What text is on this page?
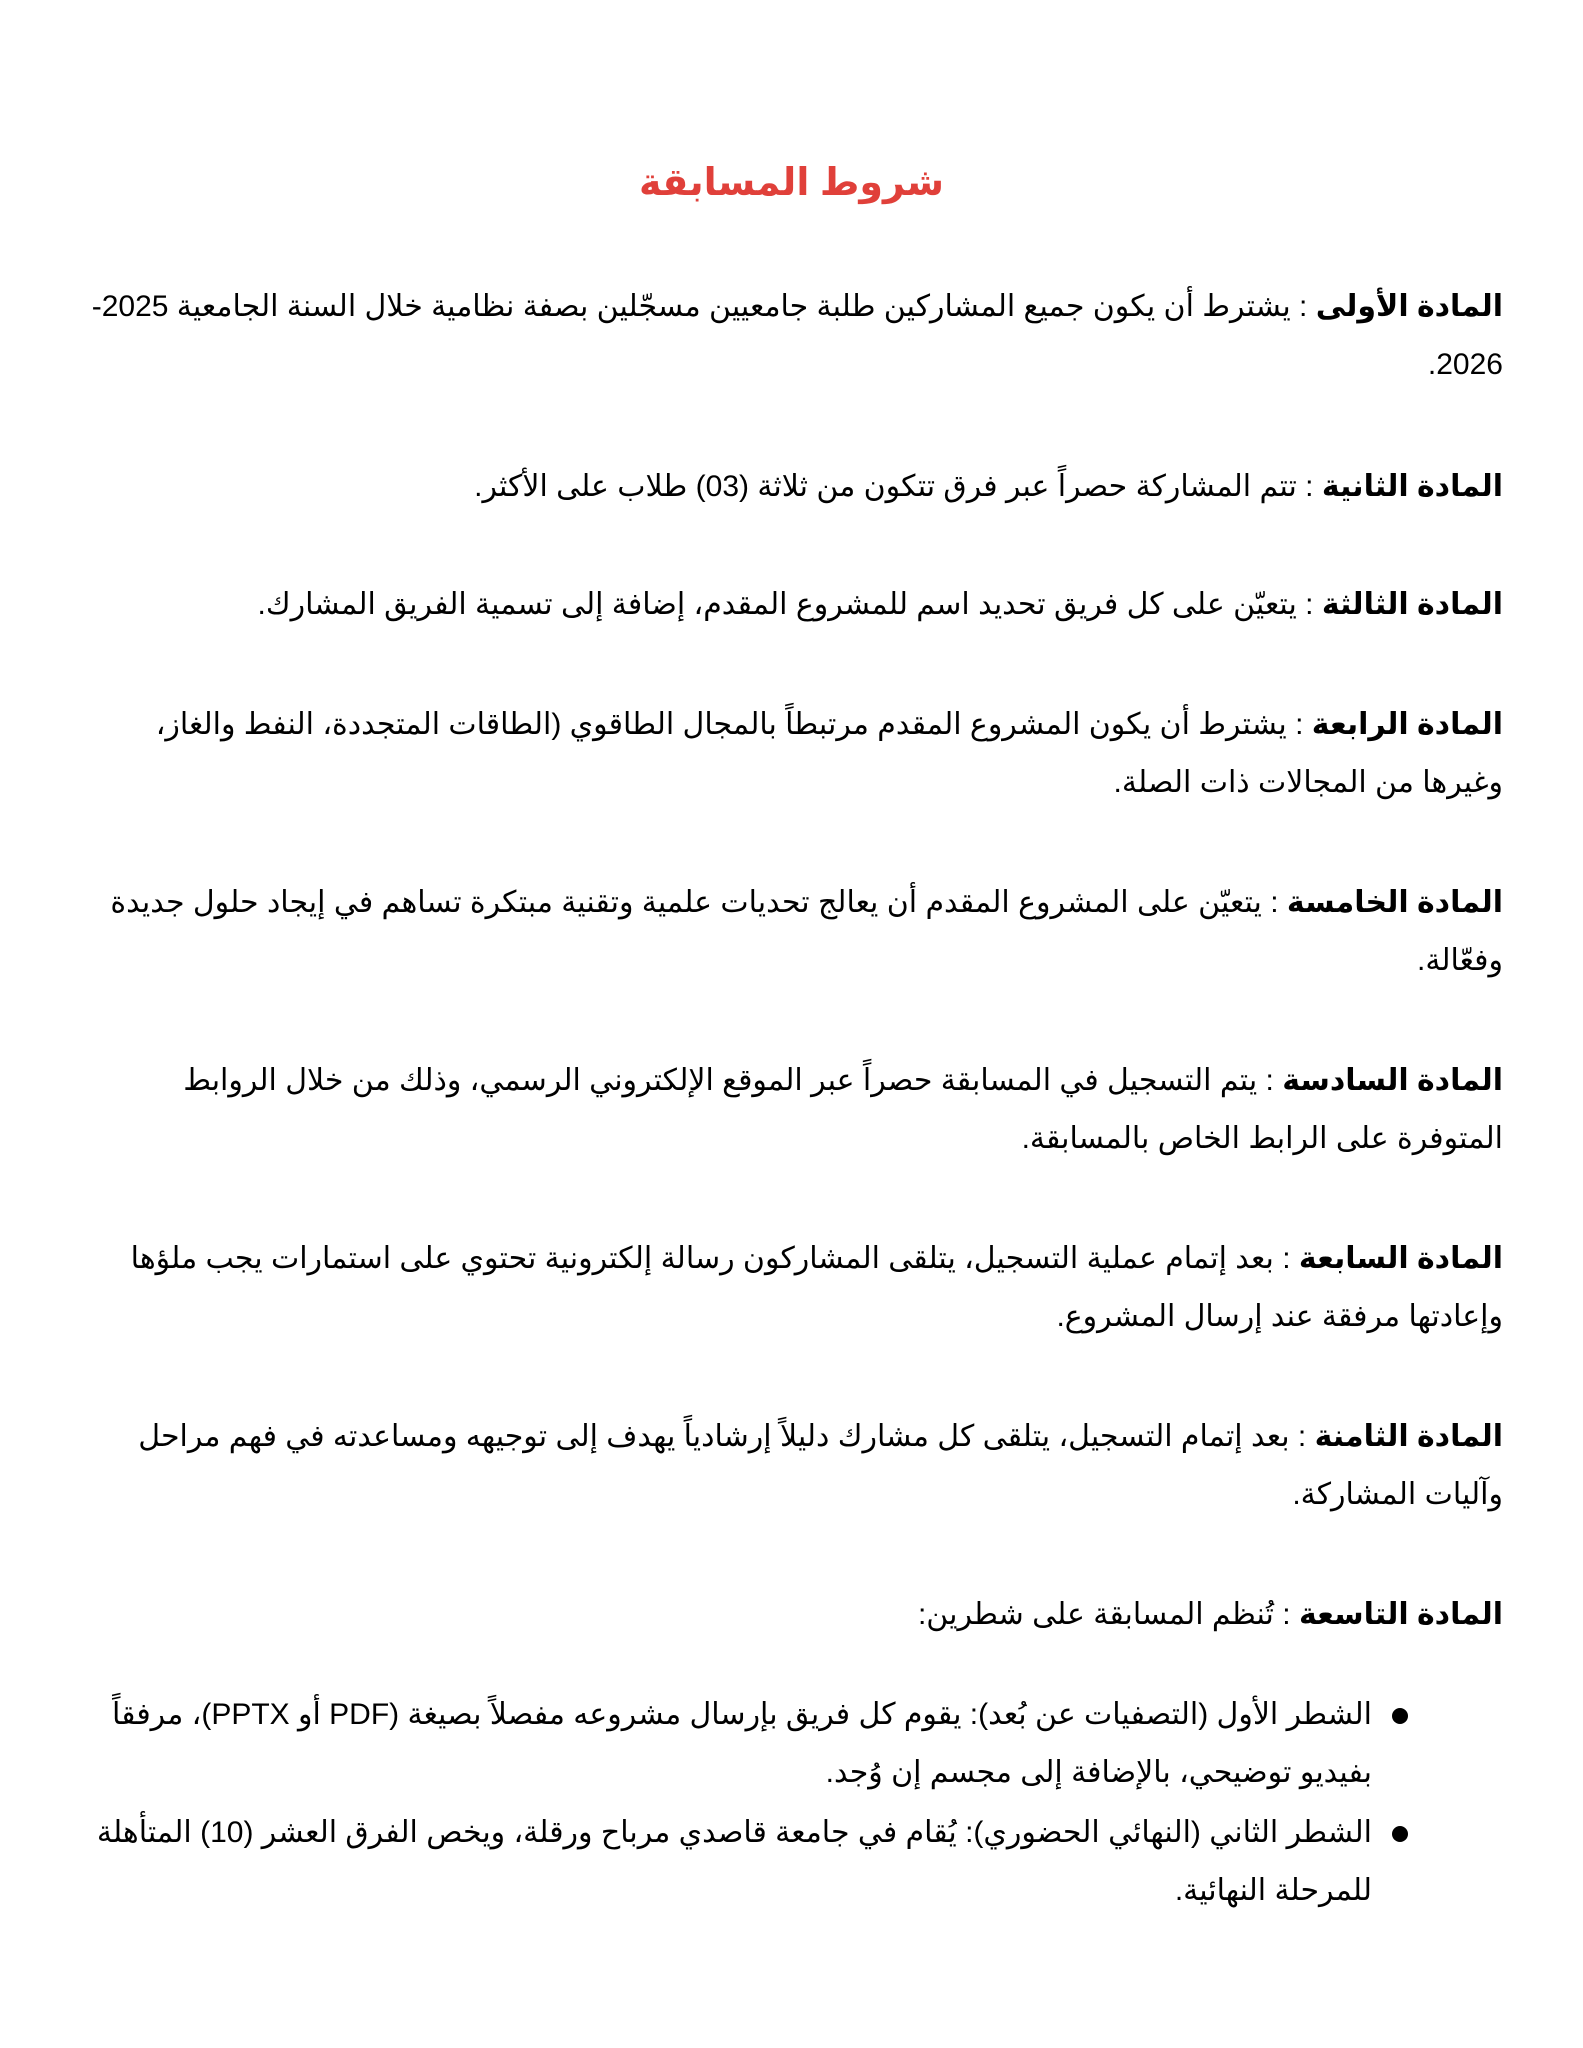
شروط المسابقة

المادة الأولى : يشترط أن يكون جميع المشاركين طلبة جامعيين مسجّلين بصفة نظامية خلال السنة الجامعية 2025-2026.

المادة الثانية : تتم المشاركة حصراً عبر فرق تتكون من ثلاثة (03) طلاب على الأكثر.

المادة الثالثة : يتعيّن على كل فريق تحديد اسم للمشروع المقدم، إضافة إلى تسمية الفريق المشارك.

المادة الرابعة : يشترط أن يكون المشروع المقدم مرتبطاً بالمجال الطاقوي (الطاقات المتجددة، النفط والغاز، وغيرها من المجالات ذات الصلة.

المادة الخامسة : يتعيّن على المشروع المقدم أن يعالج تحديات علمية وتقنية مبتكرة تساهم في إيجاد حلول جديدة وفعّالة.

المادة السادسة : يتم التسجيل في المسابقة حصراً عبر الموقع الإلكتروني الرسمي، وذلك من خلال الروابط المتوفرة على الرابط الخاص بالمسابقة.

المادة السابعة : بعد إتمام عملية التسجيل، يتلقى المشاركون رسالة إلكترونية تحتوي على استمارات يجب ملؤها وإعادتها مرفقة عند إرسال المشروع.

المادة الثامنة : بعد إتمام التسجيل، يتلقى كل مشارك دليلاً إرشادياً يهدف إلى توجيهه ومساعدته في فهم مراحل وآليات المشاركة.

المادة التاسعة : تُنظم المسابقة على شطرين:

الشطر الأول (التصفيات عن بُعد): يقوم كل فريق بإرسال مشروعه مفصلاً بصيغة (PDF أو PPTX)، مرفقاً بفيديو توضيحي، بالإضافة إلى مجسم إن وُجد.
الشطر الثاني (النهائي الحضوري): يُقام في جامعة قاصدي مرباح ورقلة، ويخص الفرق العشر (10) المتأهلة للمرحلة النهائية.
